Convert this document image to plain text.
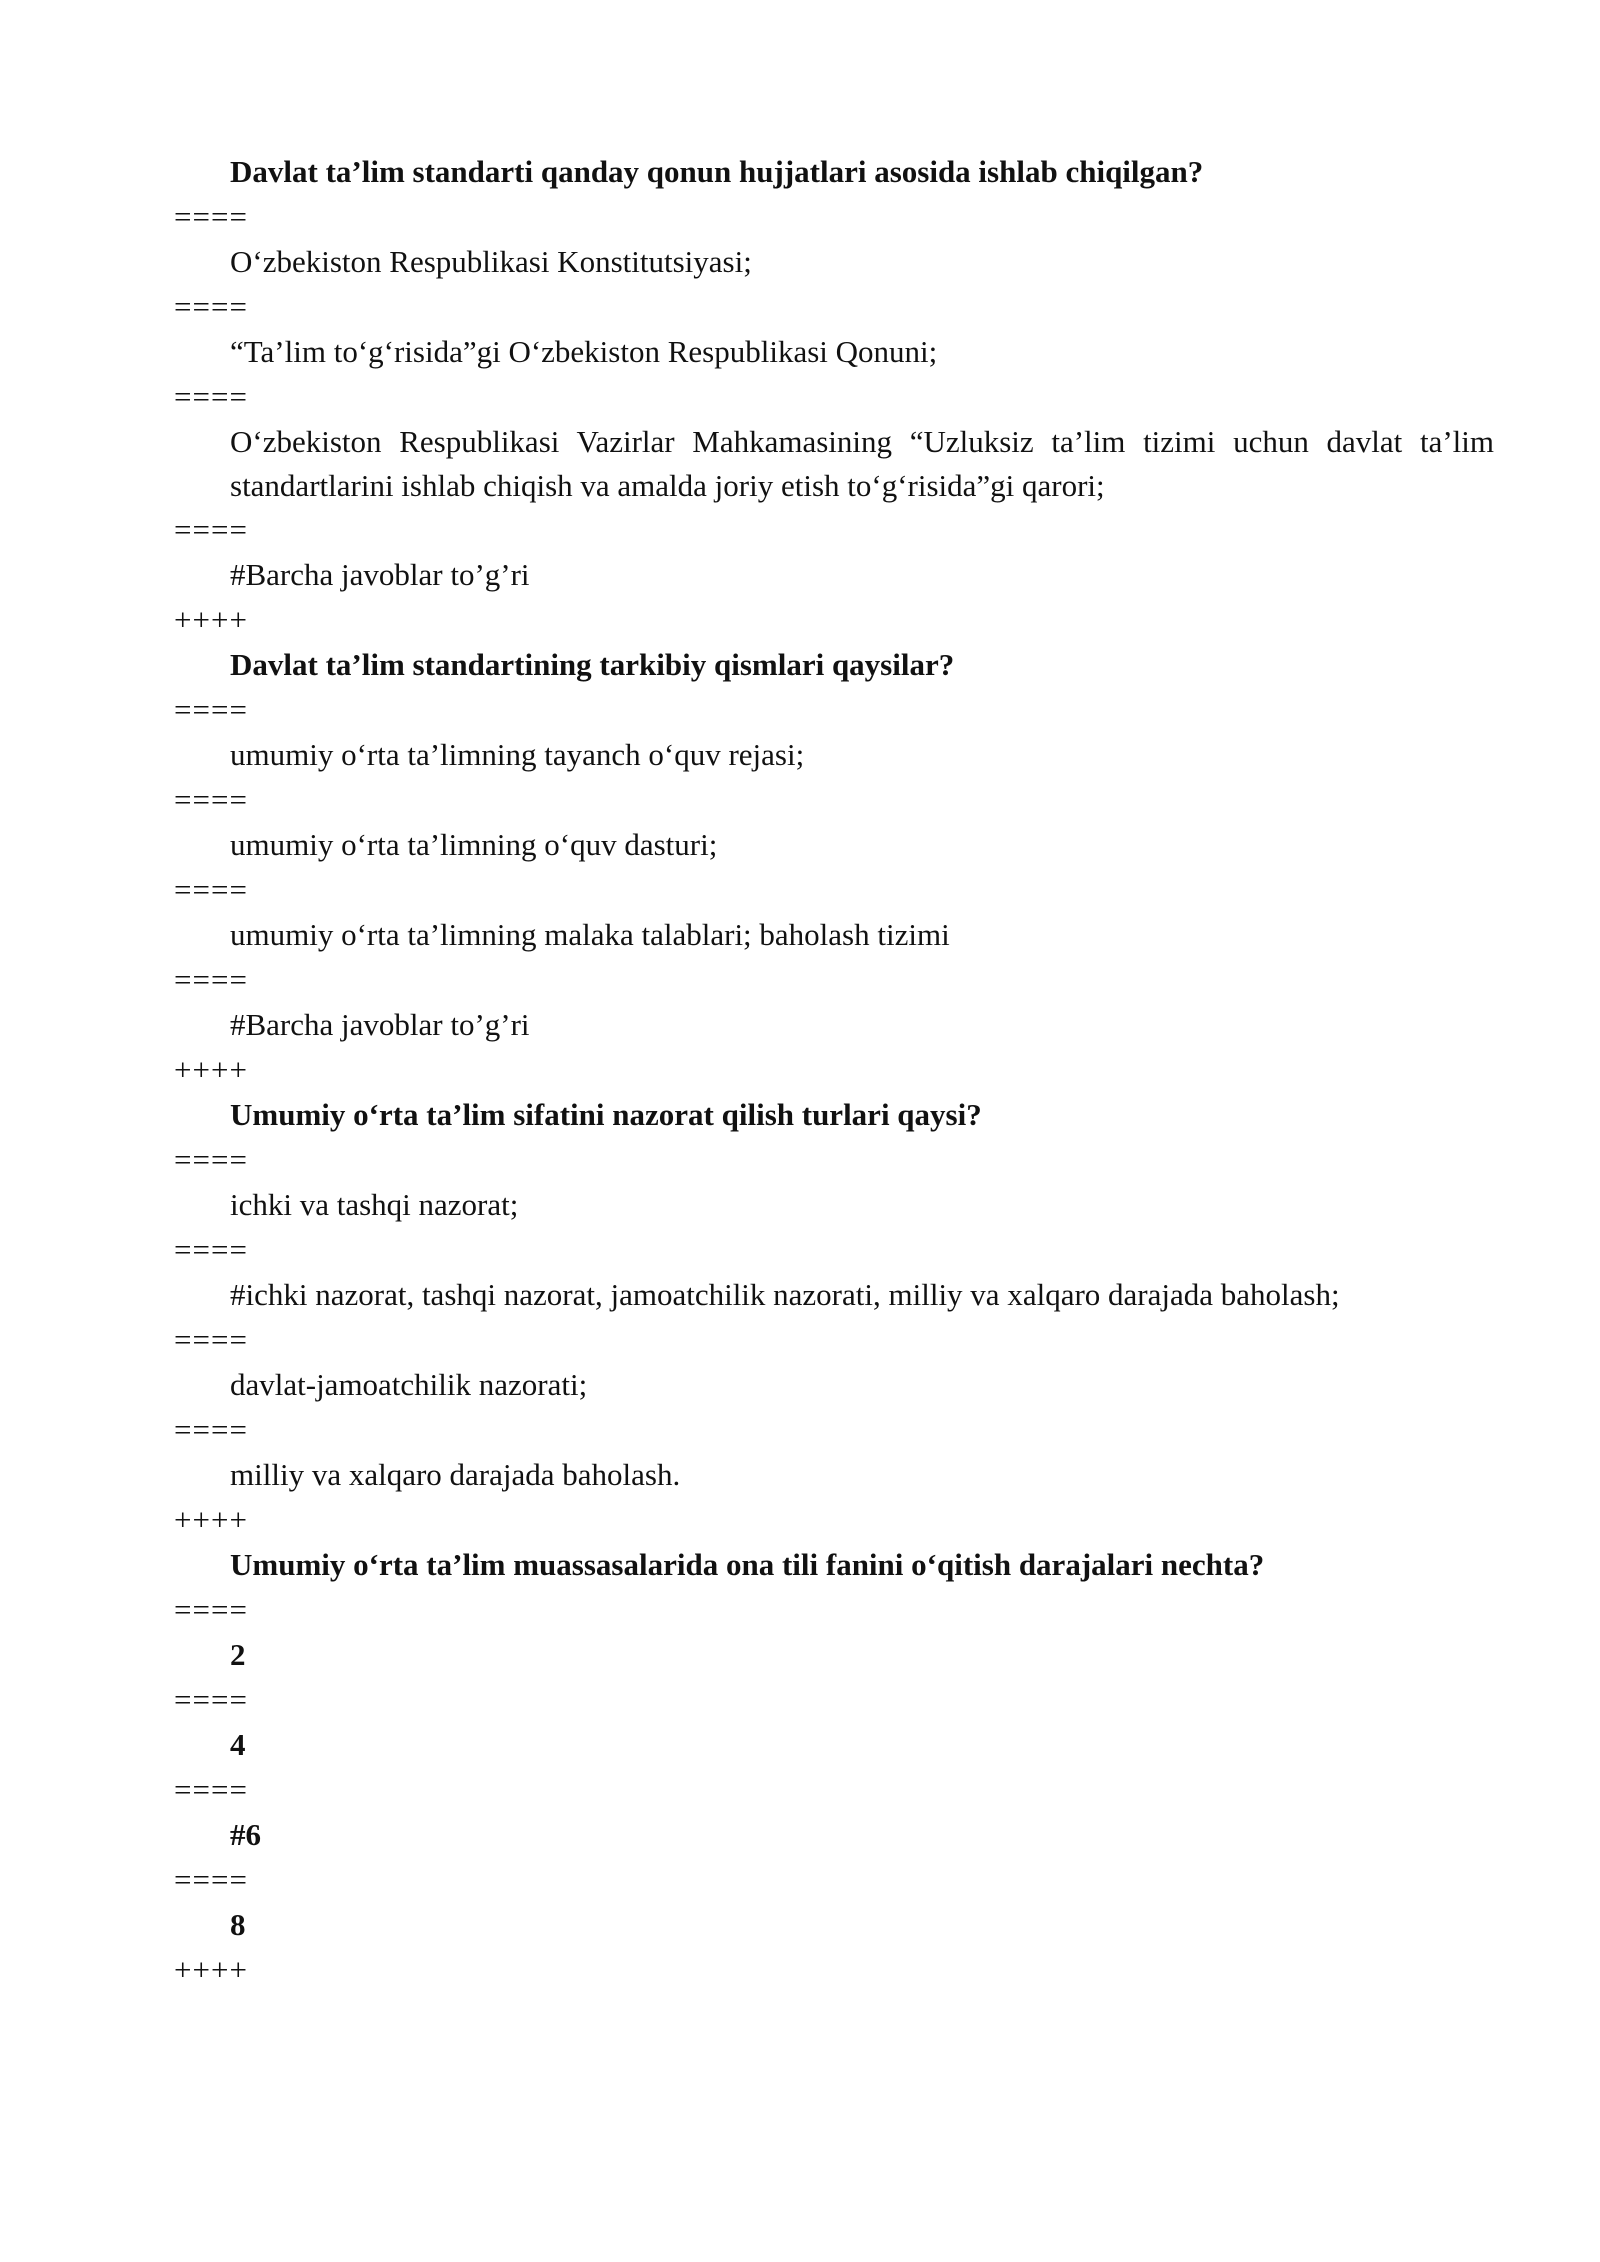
Davlat ta’lim standarti qanday qonun hujjatlari asosida ishlab chiqilgan?
====
O‘zbekiston Respublikasi Konstitutsiyasi;
====
“Ta’lim to‘g‘risida”gi O‘zbekiston Respublikasi Qonuni;
====
O‘zbekiston Respublikasi Vazirlar Mahkamasining “Uzluksiz ta’lim tizimi uchun davlat ta’lim standartlarini ishlab chiqish va amalda joriy etish to‘g‘risida”gi qarori;
====
#Barcha javoblar to’g’ri
++++
Davlat ta’lim standartining tarkibiy qismlari qaysilar?
====
umumiy o‘rta ta’limning tayanch o‘quv rejasi;
====
umumiy o‘rta ta’limning o‘quv dasturi;
====
umumiy o‘rta ta’limning malaka talablari; baholash tizimi
====
#Barcha javoblar to’g’ri
++++
Umumiy o‘rta ta’lim sifatini nazorat qilish turlari qaysi?
====
ichki va tashqi nazorat;
====
#ichki nazorat, tashqi nazorat, jamoatchilik nazorati, milliy va xalqaro darajada baholash;
====
davlat-jamoatchilik nazorati;
====
milliy va xalqaro darajada baholash.
++++
Umumiy o‘rta ta’lim muassasalarida ona tili fanini o‘qitish darajalari nechta?
====
2
====
4
====
#6
====
8
++++
